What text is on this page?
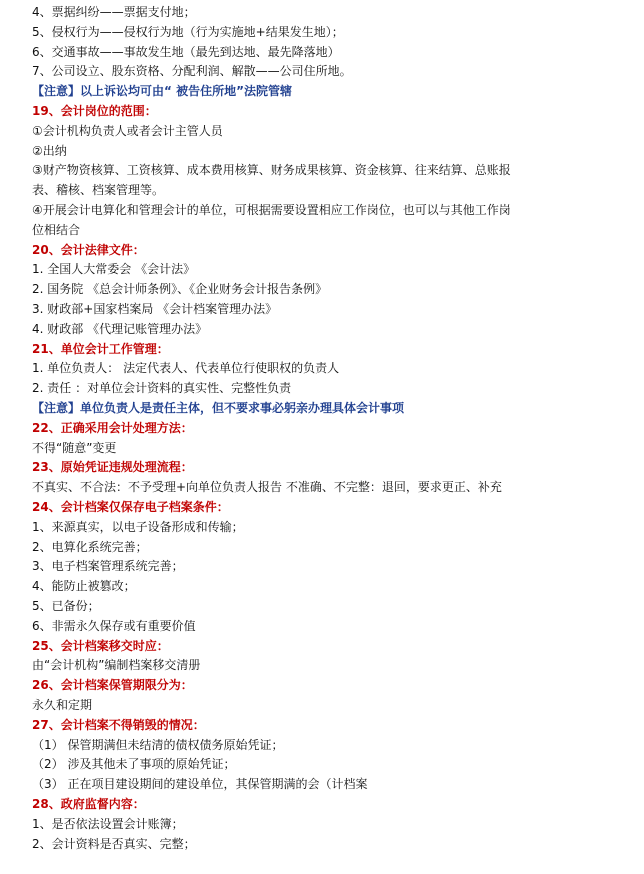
4、票据纠纷——票据支付地；
5、侵权行为——侵权行为地（行为实施地+结果发生地）；
6、交通事故——事故发生地（最先到达地、最先降落地）
7、公司设立、股东资格、分配利润、解散——公司住所地。
【注意】以上诉讼均可由“ 被告住所地”法院管辖
19、会计岗位的范围：
①会计机构负责人或者会计主管人员
②出纳
③财产物资核算、工资核算、成本费用核算、财务成果核算、资金核算、往来结算、总账报
表、稽核、档案管理等。
④开展会计电算化和管理会计的单位，可根据需要设置相应工作岗位，也可以与其他工作岗
位相结合
20、会计法律文件：
1. 全国人大常委会 《会计法》
2. 国务院 《总会计师条例》、《企业财务会计报告条例》
3. 财政部+国家档案局 《会计档案管理办法》
4. 财政部 《代理记账管理办法》
21、单位会计工作管理：
1. 单位负责人： 法定代表人、代表单位行使职权的负责人
2. 责任 ：对单位会计资料的真实性、完整性负责
【注意】单位负责人是责任主体，但不要求事必躬亲办理具体会计事项
22、正确采用会计处理方法：
不得“随意”变更
23、原始凭证违规处理流程：
不真实、不合法：不予受理+向单位负责人报告 不准确、不完整：退回，要求更正、补充
24、会计档案仅保存电子档案条件：
1、来源真实，以电子设备形成和传输；
2、电算化系统完善；
3、电子档案管理系统完善；
4、能防止被篡改；
5、已备份；
6、非需永久保存或有重要价值
25、会计档案移交时应：
由“会计机构”编制档案移交清册
26、会计档案保管期限分为：
永久和定期
27、会计档案不得销毁的情况：
（1） 保管期满但未结清的债权债务原始凭证；
（2） 涉及其他未了事项的原始凭证；
（3） 正在项目建设期间的建设单位，其保管期满的会（计档案
28、政府监督内容：
1、是否依法设置会计账簿；
2、会计资料是否真实、完整；
